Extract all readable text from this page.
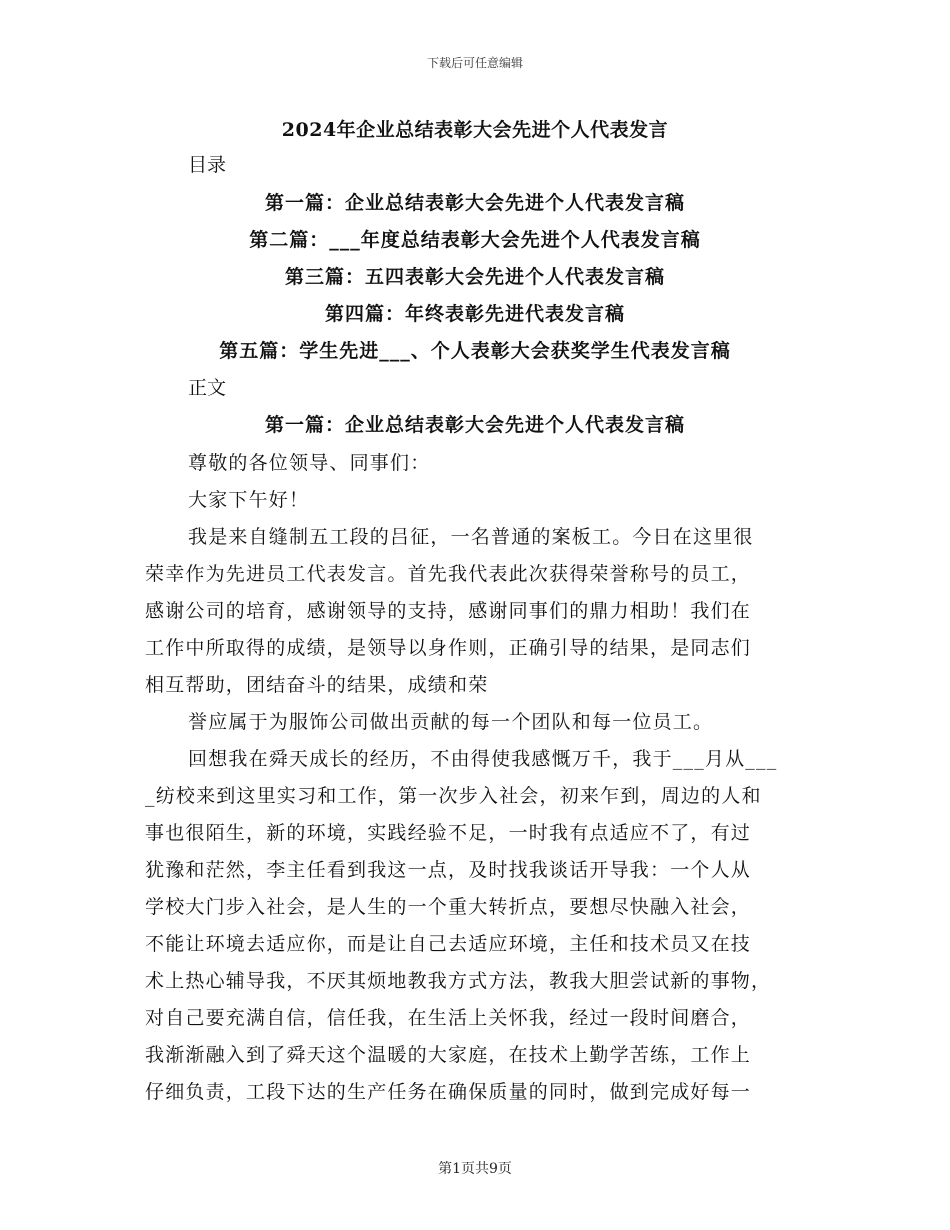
下载后可任意编辑
2024年企业总结表彰大会先进个人代表发言
目录
第一篇：企业总结表彰大会先进个人代表发言稿
第二篇：___年度总结表彰大会先进个人代表发言稿
第三篇：五四表彰大会先进个人代表发言稿
第四篇：年终表彰先进代表发言稿
第五篇：学生先进___、个人表彰大会获奖学生代表发言稿
正文
第一篇：企业总结表彰大会先进个人代表发言稿
尊敬的各位领导、同事们：
大家下午好！
我是来自缝制五工段的吕征，一名普通的案板工。今日在这里很
荣幸作为先进员工代表发言。首先我代表此次获得荣誉称号的员工，
感谢公司的培育，感谢领导的支持，感谢同事们的鼎力相助！我们在
工作中所取得的成绩，是领导以身作则，正确引导的结果，是同志们
相互帮助，团结奋斗的结果，成绩和荣
誉应属于为服饰公司做出贡献的每一个团队和每一位员工。
回想我在舜天成长的经历，不由得使我感慨万千，我于___月从___
_纺校来到这里实习和工作，第一次步入社会，初来乍到，周边的人和
事也很陌生，新的环境，实践经验不足，一时我有点适应不了，有过
犹豫和茫然，李主任看到我这一点，及时找我谈话开导我：一个人从
学校大门步入社会，是人生的一个重大转折点，要想尽快融入社会，
不能让环境去适应你，而是让自己去适应环境，主任和技术员又在技
术上热心辅导我，不厌其烦地教我方式方法，教我大胆尝试新的事物，
对自己要充满自信，信任我，在生活上关怀我，经过一段时间磨合，
我渐渐融入到了舜天这个温暖的大家庭，在技术上勤学苦练，工作上
仔细负责，工段下达的生产任务在确保质量的同时，做到完成好每一
第1页共9页
